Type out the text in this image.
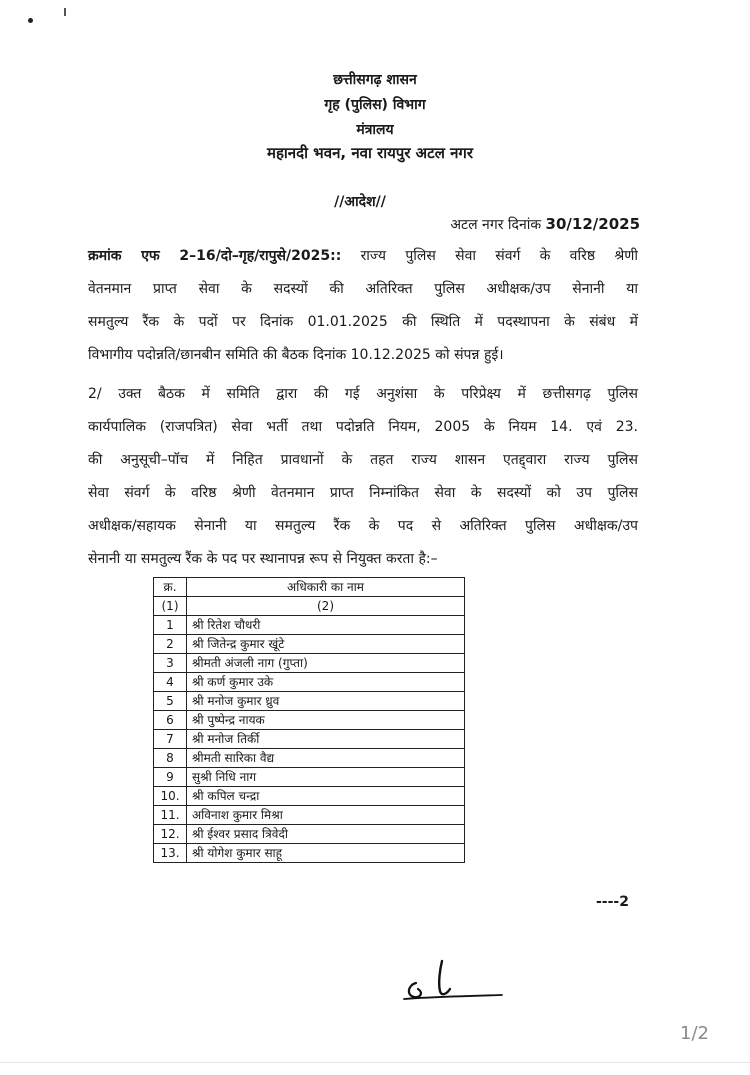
छत्तीसगढ़ शासन
गृह (पुलिस) विभाग
मंत्रालय
महानदी भवन, नवा रायपुर अटल नगर
//आदेश//
अटल नगर दिनांक 30/12/2025
क्रमांक एफ 2–16/दो–गृह/रापुसे/2025:: राज्य पुलिस सेवा संवर्ग के वरिष्ठ श्रेणी
वेतनमान प्राप्त सेवा के सदस्यों की अतिरिक्त पुलिस अधीक्षक/उप सेनानी या
समतुल्य रैंक के पदों पर दिनांक 01.01.2025 की स्थिति में पदस्थापना के संबंध में
विभागीय पदोन्नति/छानबीन समिति की बैठक दिनांक 10.12.2025 को संपन्न हुई।
2/ उक्त बैठक में समिति द्वारा की गई अनुशंसा के परिप्रेक्ष्य में छत्तीसगढ़ पुलिस
कार्यपालिक (राजपत्रित) सेवा भर्ती तथा पदोन्नति नियम, 2005 के नियम 14. एवं 23.
की अनुसूची–पॉच में निहित प्रावधानों के तहत राज्य शासन एतद्द्वारा राज्य पुलिस
सेवा संवर्ग के वरिष्ठ श्रेणी वेतनमान प्राप्त निम्नांकित सेवा के सदस्यों को उप पुलिस
अधीक्षक/सहायक सेनानी या समतुल्य रैंक के पद से अतिरिक्त पुलिस अधीक्षक/उप
सेनानी या समतुल्य रैंक के पद पर स्थानापन्न रूप से नियुक्त करता है:–
क्र.	अधिकारी का नाम
(1)	(2)
1	श्री रितेश चौधरी
2	श्री जितेन्द्र कुमार खूंटे
3	श्रीमती अंजली नाग (गुप्ता)
4	श्री कर्ण कुमार उके
5	श्री मनोज कुमार ध्रुव
6	श्री पुष्पेन्द्र नायक
7	श्री मनोज तिर्की
8	श्रीमती सारिका वैद्य
9	सुश्री निधि नाग
10.	श्री कपिल चन्द्रा
11.	अविनाश कुमार मिश्रा
12.	श्री ईश्वर प्रसाद त्रिवेदी
13.	श्री योगेश कुमार साहू
----2
1/2
